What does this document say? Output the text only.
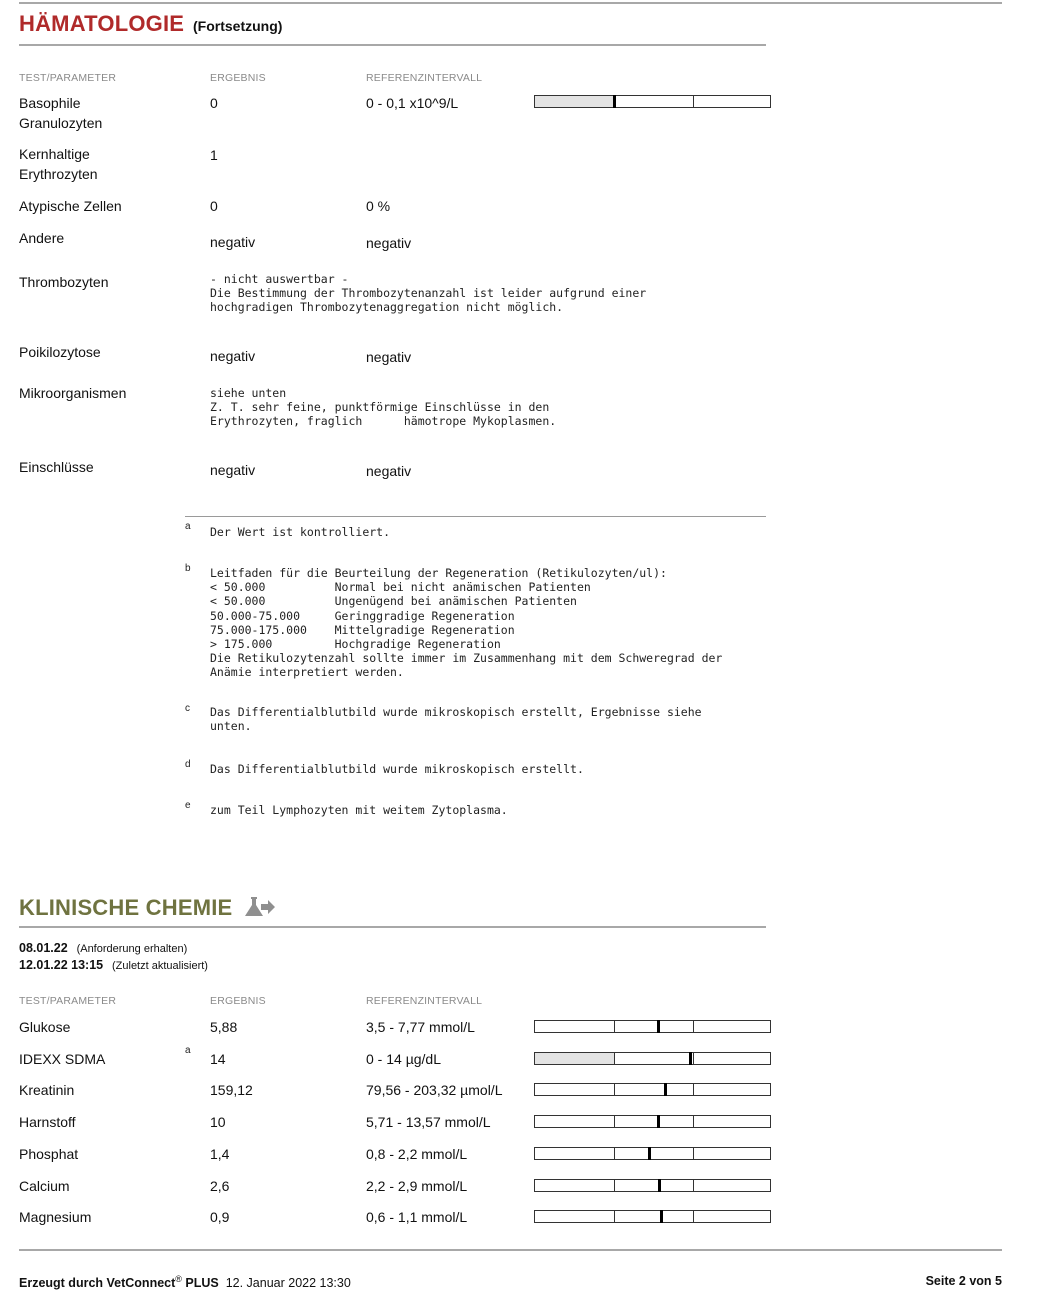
HÄMATOLOGIE (Fortsetzung)
TEST/PARAMETER	ERGEBNIS	REFERENZINTERVALL
Basophile
Granulozyten
0	0 - 0,1 x10^9/L
Kernhaltige
Erythrozyten
1
Atypische Zellen	0	0 %
Andere	negativ	negativ
Thrombozyten	- nicht auswertbar -
Die Bestimmung der Thrombozytenanzahl ist leider aufgrund einer
hochgradigen Thrombozytenaggregation nicht möglich.
Poikilozytose	negativ	negativ
Mikroorganismen	siehe unten
Z. T. sehr feine, punktförmige Einschlüsse in den
Erythrozyten, fraglich      hämotrope Mykoplasmen.
Einschlüsse	negativ	negativ
a Der Wert ist kontrolliert.
b Leitfaden für die Beurteilung der Regeneration (Retikulozyten/ul):
< 50.000          Normal bei nicht anämischen Patienten
< 50.000          Ungenügend bei anämischen Patienten
50.000-75.000     Geringgradige Regeneration
75.000-175.000    Mittelgradige Regeneration
> 175.000         Hochgradige Regeneration
Die Retikulozytenzahl sollte immer im Zusammenhang mit dem Schweregrad der
Anämie interpretiert werden.
c Das Differentialblutbild wurde mikroskopisch erstellt, Ergebnisse siehe
unten.
d Das Differentialblutbild wurde mikroskopisch erstellt.
e zum Teil Lymphozyten mit weitem Zytoplasma.
KLINISCHE CHEMIE
08.01.22 (Anforderung erhalten)
12.01.22 13:15 (Zuletzt aktualisiert)
TEST/PARAMETER	ERGEBNIS	REFERENZINTERVALL
Glukose	5,88	3,5 - 7,77 mmol/L
IDEXX SDMA
a
14	0 - 14 µg/dL
Kreatinin	159,12	79,56 - 203,32 µmol/L
Harnstoff	10	5,71 - 13,57 mmol/L
Phosphat	1,4	0,8 - 2,2 mmol/L
Calcium	2,6	2,2 - 2,9 mmol/L
Magnesium	0,9	0,6 - 1,1 mmol/L
Erzeugt durch VetConnect® PLUS 12. Januar 2022 13:30	Seite 2 von 5
